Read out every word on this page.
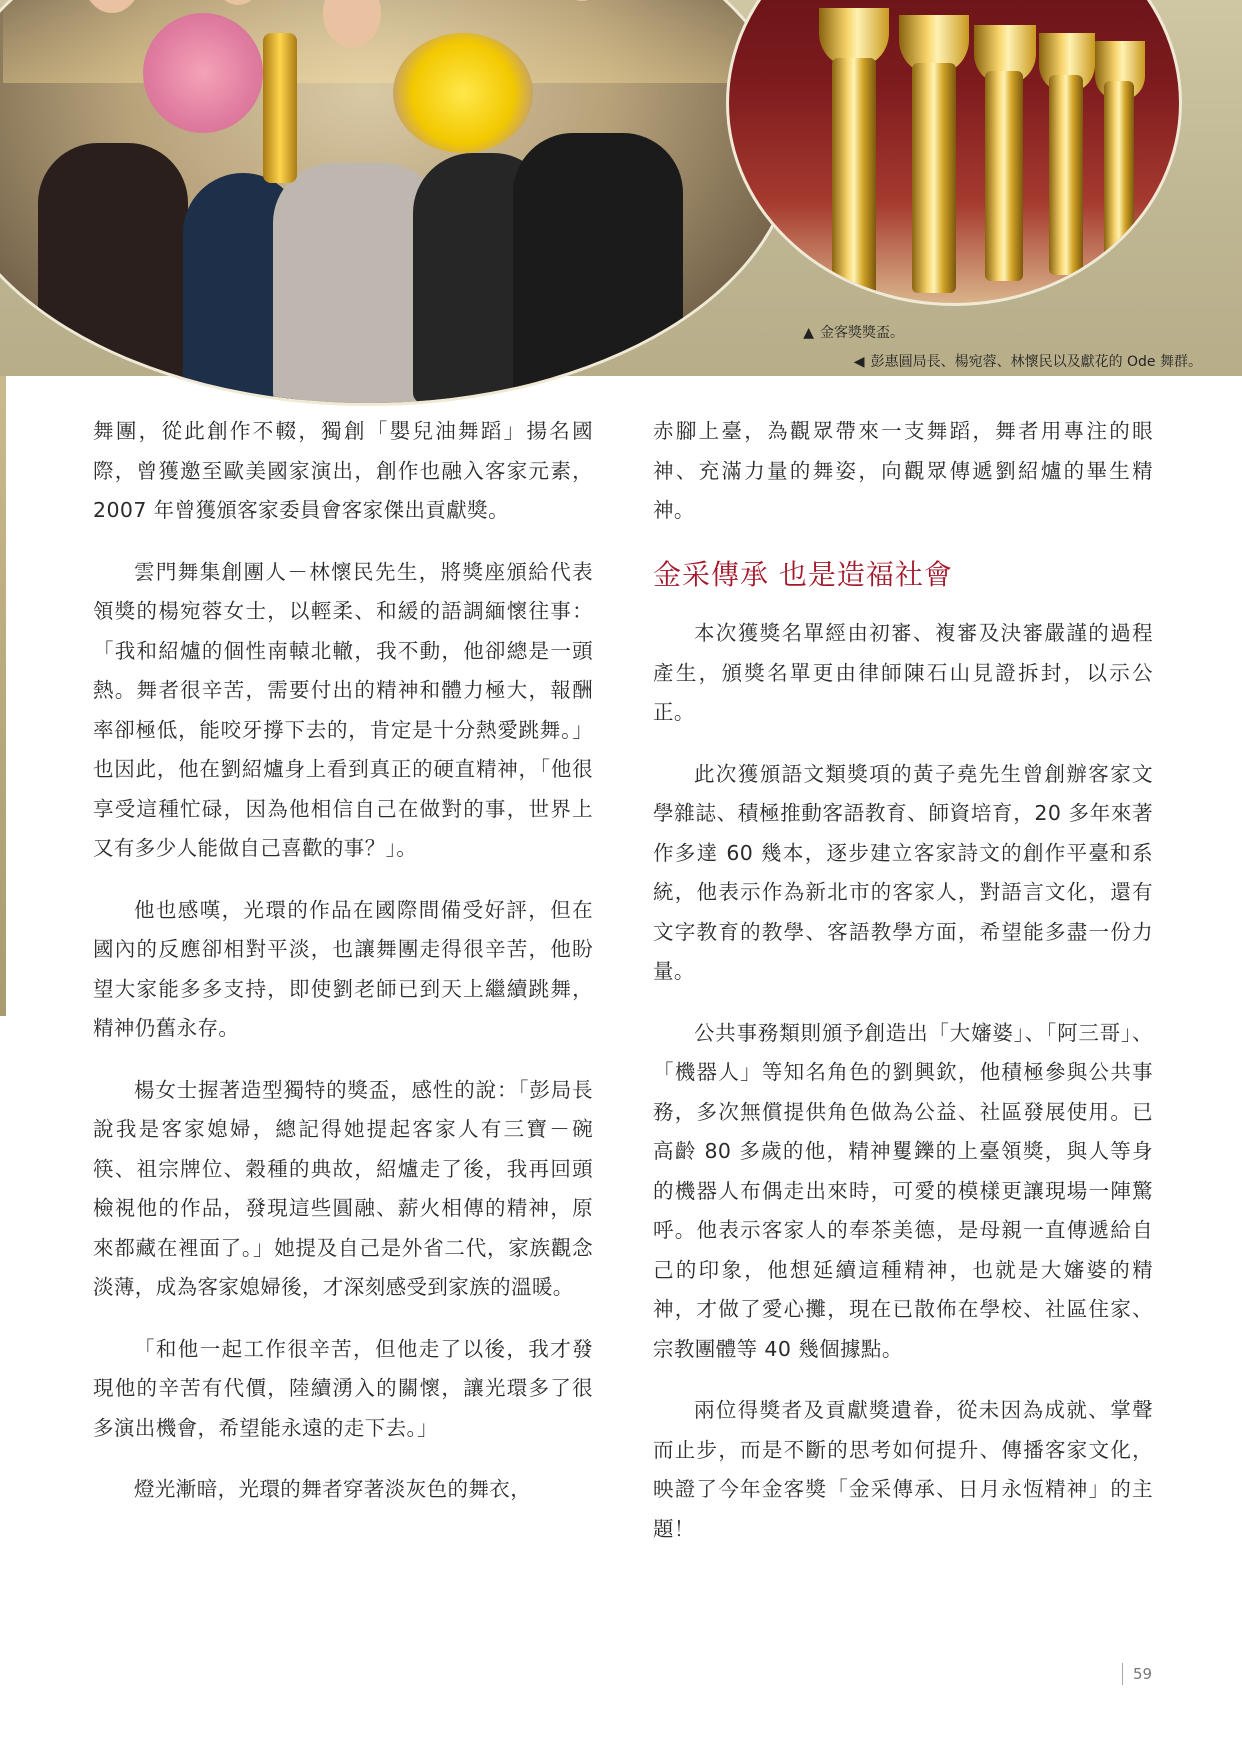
▲ 金客獎獎盃。
◀ 彭惠圓局長、楊宛蓉、林懷民以及獻花的 Ode 舞群。

舞團，從此創作不輟，獨創「嬰兒油舞蹈」揚名國際，曾獲邀至歐美國家演出，創作也融入客家元素，2007 年曾獲頒客家委員會客家傑出貢獻獎。

雲門舞集創團人－林懷民先生，將獎座頒給代表領獎的楊宛蓉女士，以輕柔、和緩的語調緬懷往事：「我和紹爐的個性南轅北轍，我不動，他卻總是一頭熱。舞者很辛苦，需要付出的精神和體力極大，報酬率卻極低，能咬牙撐下去的，肯定是十分熱愛跳舞。」也因此，他在劉紹爐身上看到真正的硬直精神，「他很享受這種忙碌，因為他相信自己在做對的事，世界上又有多少人能做自己喜歡的事？」。

他也感嘆，光環的作品在國際間備受好評，但在國內的反應卻相對平淡，也讓舞團走得很辛苦，他盼望大家能多多支持，即使劉老師已到天上繼續跳舞，精神仍舊永存。

楊女士握著造型獨特的獎盃，感性的說：「彭局長說我是客家媳婦，總記得她提起客家人有三寶－碗筷、祖宗牌位、穀種的典故，紹爐走了後，我再回頭檢視他的作品，發現這些圓融、薪火相傳的精神，原來都藏在裡面了。」她提及自己是外省二代，家族觀念淡薄，成為客家媳婦後，才深刻感受到家族的溫暖。

「和他一起工作很辛苦，但他走了以後，我才發現他的辛苦有代價，陸續湧入的關懷，讓光環多了很多演出機會，希望能永遠的走下去。」

燈光漸暗，光環的舞者穿著淡灰色的舞衣，

赤腳上臺，為觀眾帶來一支舞蹈，舞者用專注的眼神、充滿力量的舞姿，向觀眾傳遞劉紹爐的畢生精神。

金采傳承 也是造福社會

本次獲獎名單經由初審、複審及決審嚴謹的過程產生，頒獎名單更由律師陳石山見證拆封，以示公正。

此次獲頒語文類獎項的黃子堯先生曾創辦客家文學雜誌、積極推動客語教育、師資培育，20 多年來著作多達 60 幾本，逐步建立客家詩文的創作平臺和系統，他表示作為新北市的客家人，對語言文化，還有文字教育的教學、客語教學方面，希望能多盡一份力量。

公共事務類則頒予創造出「大嬸婆」、「阿三哥」、「機器人」等知名角色的劉興欽，他積極參與公共事務，多次無償提供角色做為公益、社區發展使用。已高齡 80 多歲的他，精神矍鑠的上臺領獎，與人等身的機器人布偶走出來時，可愛的模樣更讓現場一陣驚呼。他表示客家人的奉茶美德，是母親一直傳遞給自己的印象，他想延續這種精神，也就是大嬸婆的精神，才做了愛心攤，現在已散佈在學校、社區住家、宗教團體等 40 幾個據點。

兩位得獎者及貢獻獎遺眷，從未因為成就、掌聲而止步，而是不斷的思考如何提升、傳播客家文化，映證了今年金客獎「金采傳承、日月永恆精神」的主題！

59
